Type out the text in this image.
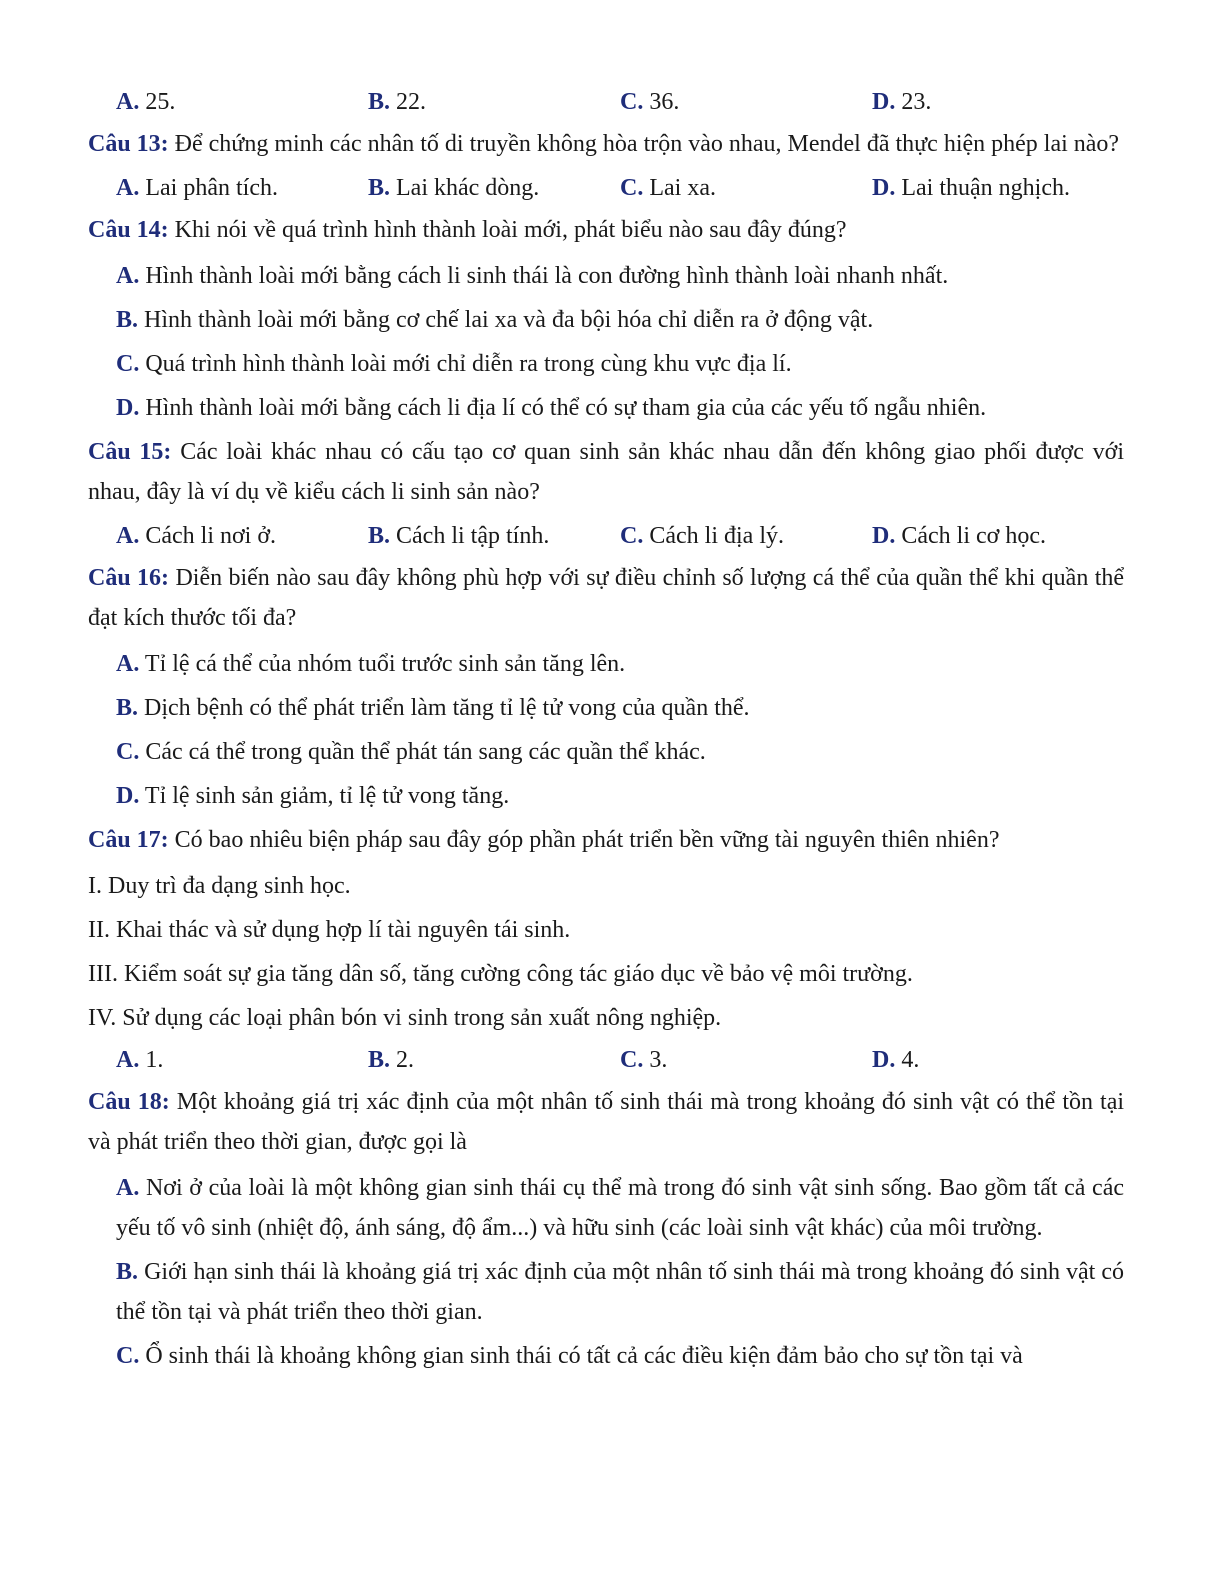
A. 25.	B. 22.	C. 36.	D. 23.
Câu 13: Để chứng minh các nhân tố di truyền không hòa trộn vào nhau, Mendel đã thực hiện phép lai nào?
A. Lai phân tích.	B. Lai khác dòng.	C. Lai xa.	D. Lai thuận nghịch.
Câu 14: Khi nói về quá trình hình thành loài mới, phát biểu nào sau đây đúng?
A. Hình thành loài mới bằng cách li sinh thái là con đường hình thành loài nhanh nhất.
B. Hình thành loài mới bằng cơ chế lai xa và đa bội hóa chỉ diễn ra ở động vật.
C. Quá trình hình thành loài mới chỉ diễn ra trong cùng khu vực địa lí.
D. Hình thành loài mới bằng cách li địa lí có thể có sự tham gia của các yếu tố ngẫu nhiên.
Câu 15: Các loài khác nhau có cấu tạo cơ quan sinh sản khác nhau dẫn đến không giao phối được với nhau, đây là ví dụ về kiểu cách li sinh sản nào?
A. Cách li nơi ở.	B. Cách li tập tính.	C. Cách li địa lý.	D. Cách li cơ học.
Câu 16: Diễn biến nào sau đây không phù hợp với sự điều chỉnh số lượng cá thể của quần thể khi quần thể đạt kích thước tối đa?
A. Tỉ lệ cá thể của nhóm tuổi trước sinh sản tăng lên.
B. Dịch bệnh có thể phát triển làm tăng tỉ lệ tử vong của quần thể.
C. Các cá thể trong quần thể phát tán sang các quần thể khác.
D. Tỉ lệ sinh sản giảm, tỉ lệ tử vong tăng.
Câu 17: Có bao nhiêu biện pháp sau đây góp phần phát triển bền vững tài nguyên thiên nhiên?
I. Duy trì đa dạng sinh học.
II. Khai thác và sử dụng hợp lí tài nguyên tái sinh.
III. Kiểm soát sự gia tăng dân số, tăng cường công tác giáo dục về bảo vệ môi trường.
IV. Sử dụng các loại phân bón vi sinh trong sản xuất nông nghiệp.
A. 1.	B. 2.	C. 3.	D. 4.
Câu 18: Một khoảng giá trị xác định của một nhân tố sinh thái mà trong khoảng đó sinh vật có thể tồn tại và phát triển theo thời gian, được gọi là
A. Nơi ở của loài là một không gian sinh thái cụ thể mà trong đó sinh vật sinh sống. Bao gồm tất cả các yếu tố vô sinh (nhiệt độ, ánh sáng, độ ẩm...) và hữu sinh (các loài sinh vật khác) của môi trường.
B. Giới hạn sinh thái là khoảng giá trị xác định của một nhân tố sinh thái mà trong khoảng đó sinh vật có thể tồn tại và phát triển theo thời gian.
C. Ổ sinh thái là khoảng không gian sinh thái có tất cả các điều kiện đảm bảo cho sự tồn tại và
